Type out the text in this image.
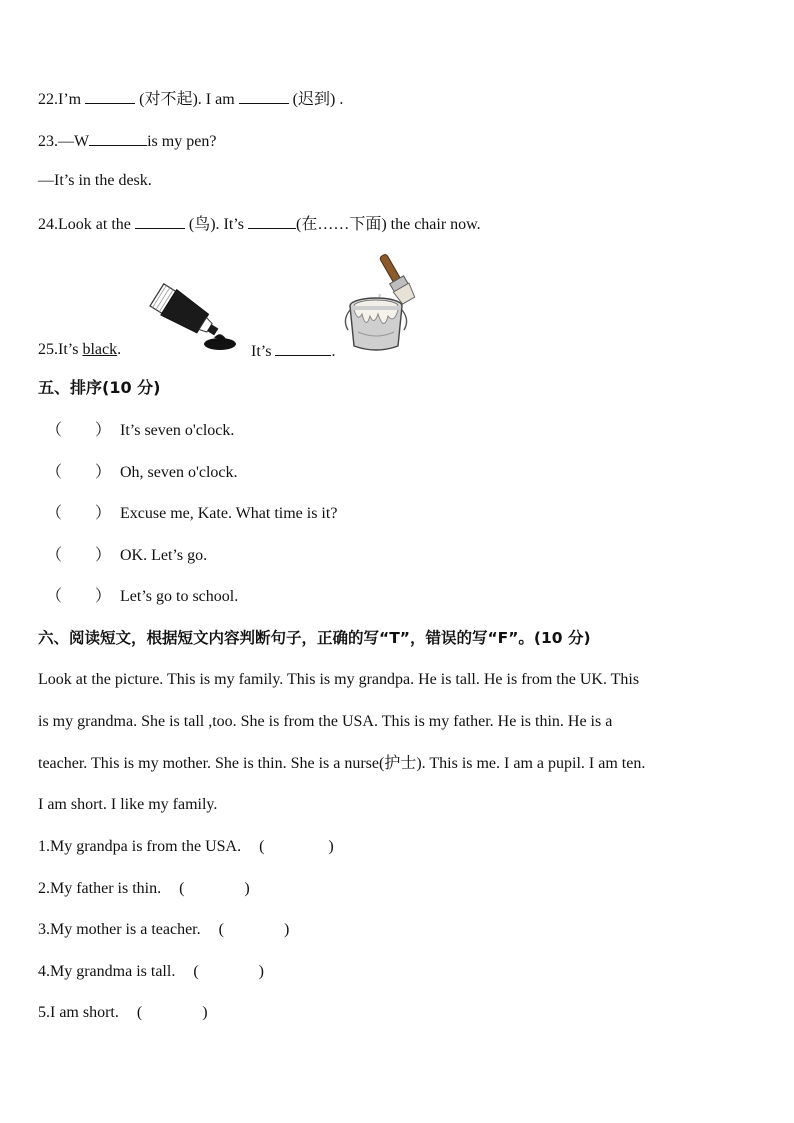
22.I’m	(对不起). I am	(迟到) .
23.—W	is my pen?
—It’s in the desk.
24.Look at the	(鸟). It’s	(在……下面) the chair now.
25.It’s black.	It’s	.
五、排序(10 分)
（ ） It’s seven o'clock.
（ ） Oh, seven o'clock.
（ ） Excuse me, Kate. What time is it?
（ ） OK. Let’s go.
（ ） Let’s go to school.
六、阅读短文，根据短文内容判断句子，正确的写“T”，错误的写“F”。(10 分)
Look at the picture. This is my family. This is my grandpa. He is tall. He is from the UK. This
is my grandma. She is tall ,too. She is from the USA. This is my father. He is thin. He is a
teacher. This is my mother. She is thin. She is a nurse(护士). This is me. I am a pupil. I am ten.
I am short. I like my family.
1.My grandpa is from the USA. (	)
2.My father is thin. (	)
3.My mother is a teacher. (	)
4.My grandma is tall. (	)
5.I am short. (	)
